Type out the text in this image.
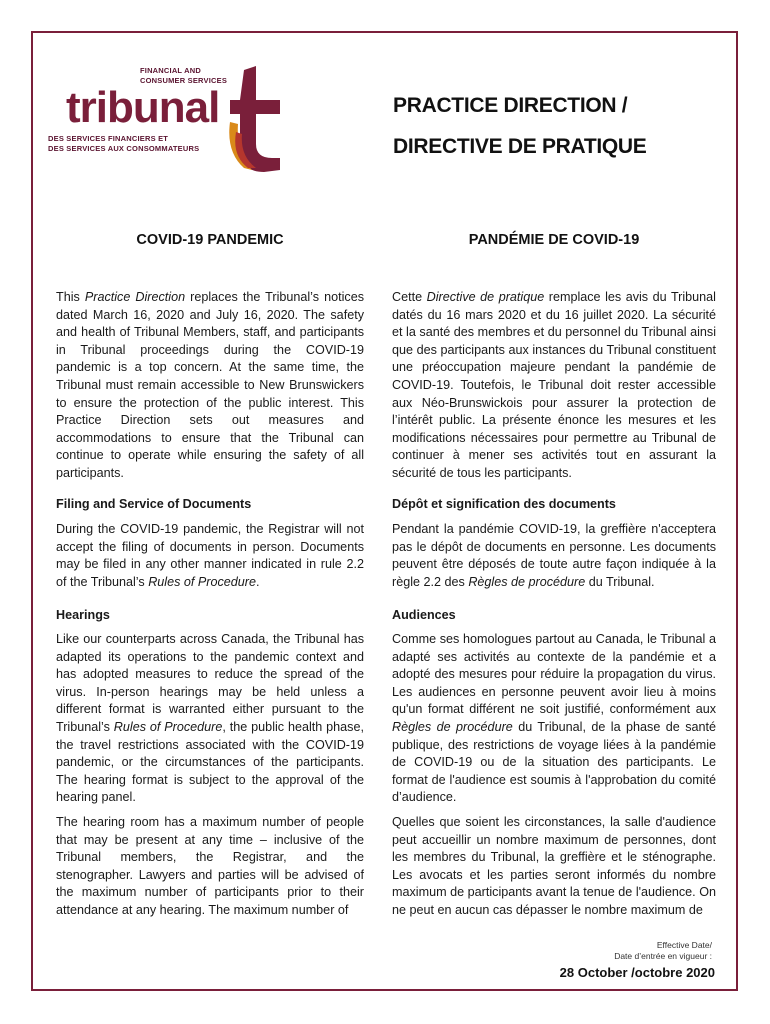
FINANCIAL AND
CONSUMER SERVICES
tribunal
DES SERVICES FINANCIERS ET
DES SERVICES AUX CONSOMMATEURS
PRACTICE DIRECTION /
DIRECTIVE DE PRATIQUE
COVID-19 PANDEMIC	PANDÉMIE DE COVID-19

This Practice Direction replaces the Tribunal’s notices dated March 16, 2020 and July 16, 2020. The safety and health of Tribunal Members, staff, and participants in Tribunal proceedings during the COVID-19 pandemic is a top concern. At the same time, the Tribunal must remain accessible to New Brunswickers to ensure the protection of the public interest. This Practice Direction sets out measures and accommodations to ensure that the Tribunal can continue to operate while ensuring the safety of all participants.

Cette Directive de pratique remplace les avis du Tribunal datés du 16 mars 2020 et du 16 juillet 2020. La sécurité et la santé des membres et du personnel du Tribunal ainsi que des participants aux instances du Tribunal constituent une préoccupation majeure pendant la pandémie de COVID-19. Toutefois, le Tribunal doit rester accessible aux Néo-Brunswickois pour assurer la protection de l’intérêt public. La présente énonce les mesures et les modifications nécessaires pour permettre au Tribunal de continuer à mener ses activités tout en assurant la sécurité de tous les participants.

Filing and Service of Documents	Dépôt et signification des documents

During the COVID-19 pandemic, the Registrar will not accept the filing of documents in person. Documents may be filed in any other manner indicated in rule 2.2 of the Tribunal’s Rules of Procedure.

Pendant la pandémie COVID-19, la greffière n'acceptera pas le dépôt de documents en personne. Les documents peuvent être déposés de toute autre façon indiquée à la règle 2.2 des Règles de procédure du Tribunal.

Hearings	Audiences

Like our counterparts across Canada, the Tribunal has adapted its operations to the pandemic context and has adopted measures to reduce the spread of the virus. In-person hearings may be held unless a different format is warranted either pursuant to the Tribunal’s Rules of Procedure, the public health phase, the travel restrictions associated with the COVID-19 pandemic, or the circumstances of the participants. The hearing format is subject to the approval of the hearing panel.

Comme ses homologues partout au Canada, le Tribunal a adapté ses activités au contexte de la pandémie et a adopté des mesures pour réduire la propagation du virus. Les audiences en personne peuvent avoir lieu à moins qu'un format différent ne soit justifié, conformément aux Règles de procédure du Tribunal, de la phase de santé publique, des restrictions de voyage liées à la pandémie de COVID-19 ou de la situation des participants. Le format de l'audience est soumis à l'approbation du comité d’audience.

The hearing room has a maximum number of people that may be present at any time – inclusive of the Tribunal members, the Registrar, and the stenographer. Lawyers and parties will be advised of the maximum number of participants prior to their attendance at any hearing. The maximum number of

Quelles que soient les circonstances, la salle d'audience peut accueillir un nombre maximum de personnes, dont les membres du Tribunal, la greffière et le sténographe. Les avocats et les parties seront informés du nombre maximum de participants avant la tenue de l'audience. On ne peut en aucun cas dépasser le nombre maximum de

Effective Date/
Date d’entrée en vigueur :
28 October /octobre 2020
